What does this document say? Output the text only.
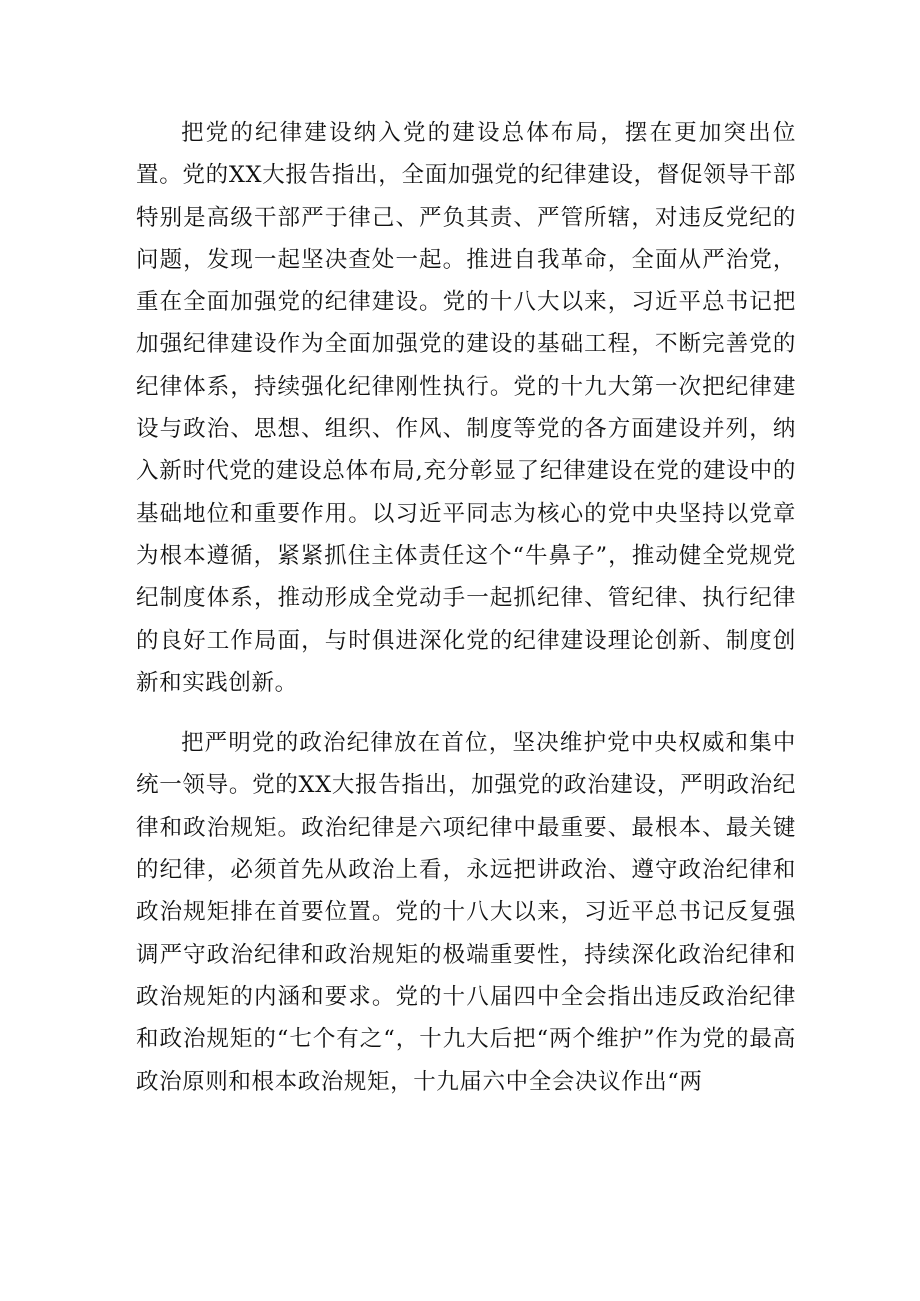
把党的纪律建设纳入党的建设总体布局，摆在更加突出位置。党的XX大报告指出，全面加强党的纪律建设，督促领导干部特别是高级干部严于律己、严负其责、严管所辖，对违反党纪的问题，发现一起坚决查处一起。推进自我革命，全面从严治党，重在全面加强党的纪律建设。党的十八大以来，习近平总书记把加强纪律建设作为全面加强党的建设的基础工程，不断完善党的纪律体系，持续强化纪律刚性执行。党的十九大第一次把纪律建设与政治、思想、组织、作风、制度等党的各方面建设并列，纳入新时代党的建设总体布局,充分彰显了纪律建设在党的建设中的基础地位和重要作用。以习近平同志为核心的党中央坚持以党章为根本遵循，紧紧抓住主体责任这个“牛鼻子”，推动健全党规党纪制度体系，推动形成全党动手一起抓纪律、管纪律、执行纪律的良好工作局面，与时俱进深化党的纪律建设理论创新、制度创新和实践创新。

把严明党的政治纪律放在首位，坚决维护党中央权威和集中统一领导。党的XX大报告指出，加强党的政治建设，严明政治纪律和政治规矩。政治纪律是六项纪律中最重要、最根本、最关键的纪律，必须首先从政治上看，永远把讲政治、遵守政治纪律和政治规矩排在首要位置。党的十八大以来，习近平总书记反复强调严守政治纪律和政治规矩的极端重要性，持续深化政治纪律和政治规矩的内涵和要求。党的十八届四中全会指出违反政治纪律和政治规矩的“七个有之“，十九大后把“两个维护”作为党的最高政治原则和根本政治规矩，十九届六中全会决议作出“两
